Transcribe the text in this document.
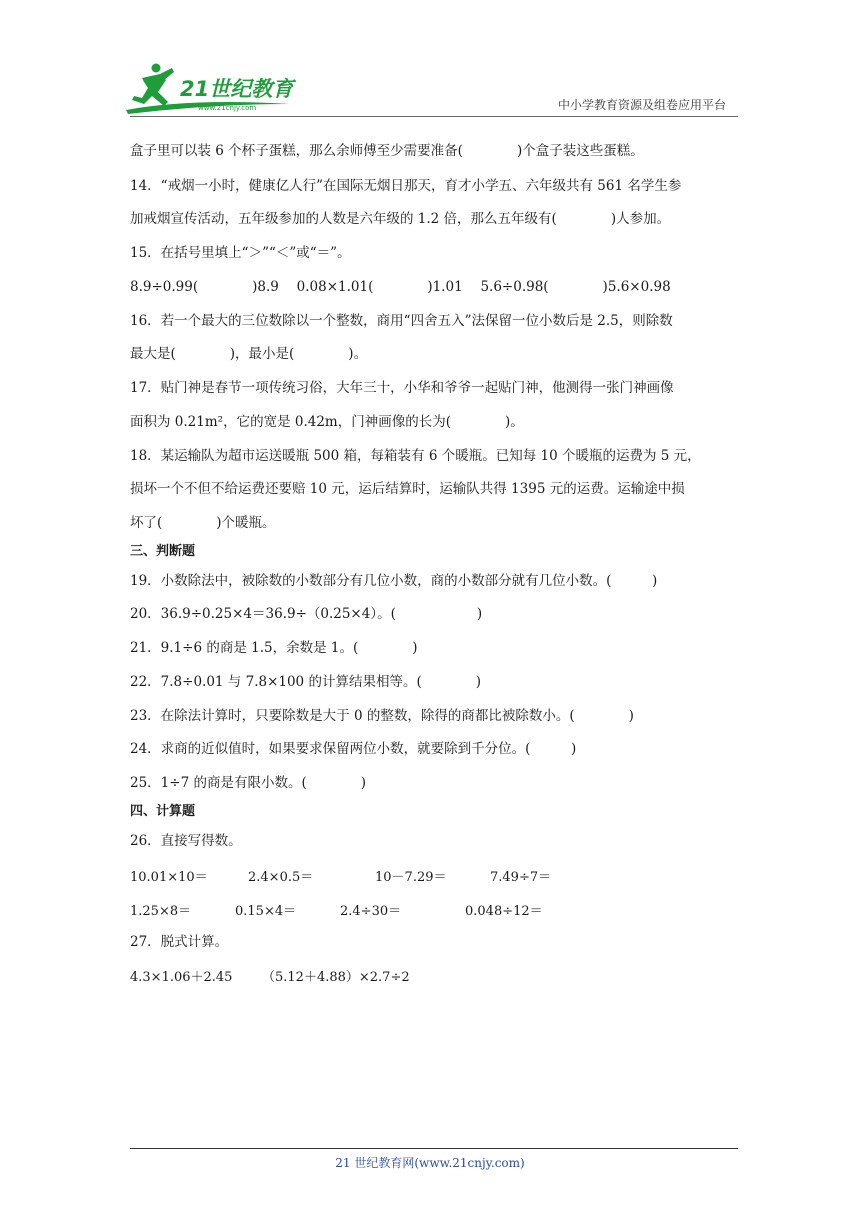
21世纪教育
www.21cnjy.com	中小学教育资源及组卷应用平台
盒子里可以装 6 个杯子蛋糕，那么余师傅至少需要准备(　　　　)个盒子装这些蛋糕。
14．“戒烟一小时，健康亿人行”在国际无烟日那天，育才小学五、六年级共有 561 名学生参
加戒烟宣传活动，五年级参加的人数是六年级的 1.2 倍，那么五年级有(　　　　)人参加。
15．在括号里填上“＞”“＜”或“＝”。
8.9÷0.99(　　　　)8.9　 0.08×1.01(　　　　)1.01　 5.6÷0.98(　　　　)5.6×0.98
16．若一个最大的三位数除以一个整数，商用“四舍五入”法保留一位小数后是 2.5，则除数
最大是(　　　　)，最小是(　　　　)。
17．贴门神是春节一项传统习俗，大年三十，小华和爷爷一起贴门神，他测得一张门神画像
面积为 0.21m²，它的宽是 0.42m，门神画像的长为(　　　　)。
18．某运输队为超市运送暖瓶 500 箱，每箱装有 6 个暖瓶。已知每 10 个暖瓶的运费为 5 元，
损坏一个不但不给运费还要赔 10 元，运后结算时，运输队共得 1395 元的运费。运输途中损
坏了(　　　　)个暖瓶。
三、判断题
19．小数除法中，被除数的小数部分有几位小数，商的小数部分就有几位小数。(　　　)
20．36.9÷0.25×4＝36.9÷（0.25×4）。(　　　　　　)
21．9.1÷6 的商是 1.5，余数是 1。(　　　　)
22．7.8÷0.01 与 7.8×100 的计算结果相等。(　　　　)
23．在除法计算时，只要除数是大于 0 的整数，除得的商都比被除数小。(　　　　)
24．求商的近似值时，如果要求保留两位小数，就要除到千分位。(　　　)
25．1÷7 的商是有限小数。(　　　　)
四、计算题
26．直接写得数。
10.01×10＝	2.4×0.5＝	10－7.29＝	7.49÷7＝
1.25×8＝	0.15×4＝	2.4÷30＝	0.048÷12＝
27．脱式计算。
4.3×1.06＋2.45 （5.12＋4.88）×2.7÷2
21 世纪教育网(www.21cnjy.com)
